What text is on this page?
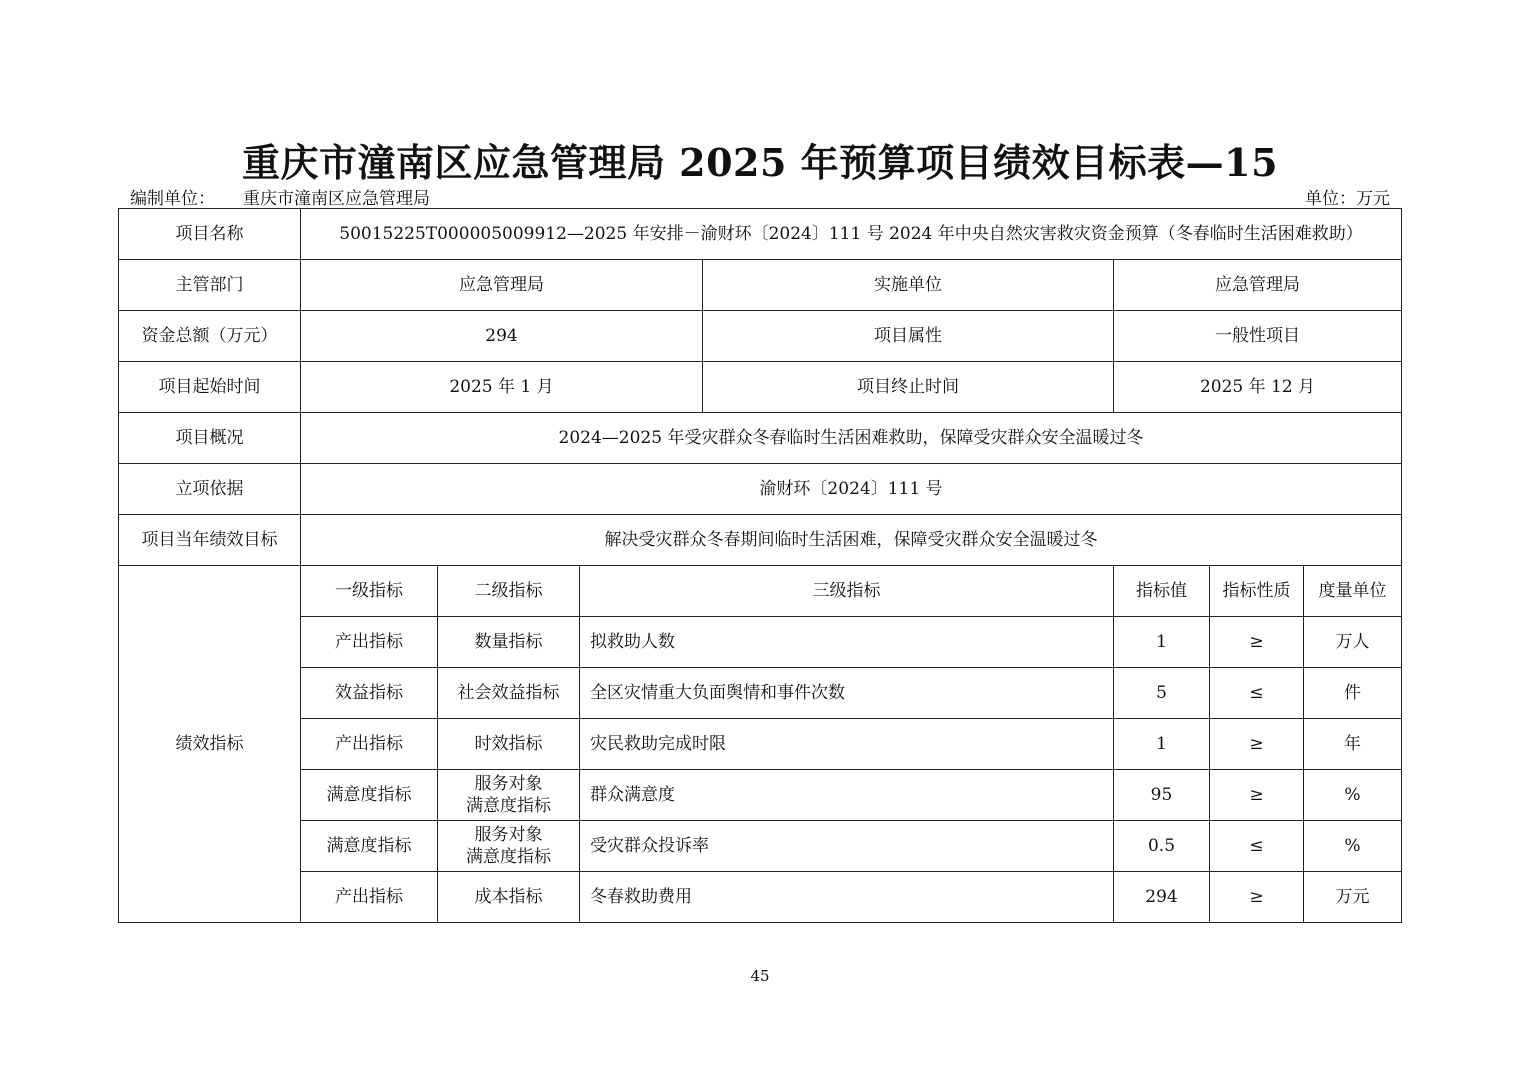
重庆市潼南区应急管理局 2025 年预算项目绩效目标表—15
编制单位： 重庆市潼南区应急管理局	单位：万元
项目名称	50015225T000005009912—2025 年安排－渝财环〔2024〕111 号 2024 年中央自然灾害救灾资金预算（冬春临时生活困难救助）						
主管部门	应急管理局			实施单位	应急管理局		
资金总额（万元）	294			项目属性	一般性项目		
项目起始时间	2025 年 1 月			项目终止时间	2025 年 12 月		
项目概况	2024—2025 年受灾群众冬春临时生活困难救助，保障受灾群众安全温暖过冬						
立项依据	渝财环〔2024〕111 号						
项目当年绩效目标	解决受灾群众冬春期间临时生活困难，保障受灾群众安全温暖过冬						
绩效指标	一级指标	二级指标	三级指标		指标值	指标性质	度量单位
	产出指标	数量指标	拟救助人数		1	≥	万人
	效益指标	社会效益指标	全区灾情重大负面舆情和事件次数		5	≤	件
	产出指标	时效指标	灾民救助完成时限		1	≥	年
	满意度指标	服务对象
满意度指标	群众满意度		95	≥	%
	满意度指标	服务对象
满意度指标	受灾群众投诉率		0.5	≤	%
	产出指标	成本指标	冬春救助费用		294	≥	万元
45
